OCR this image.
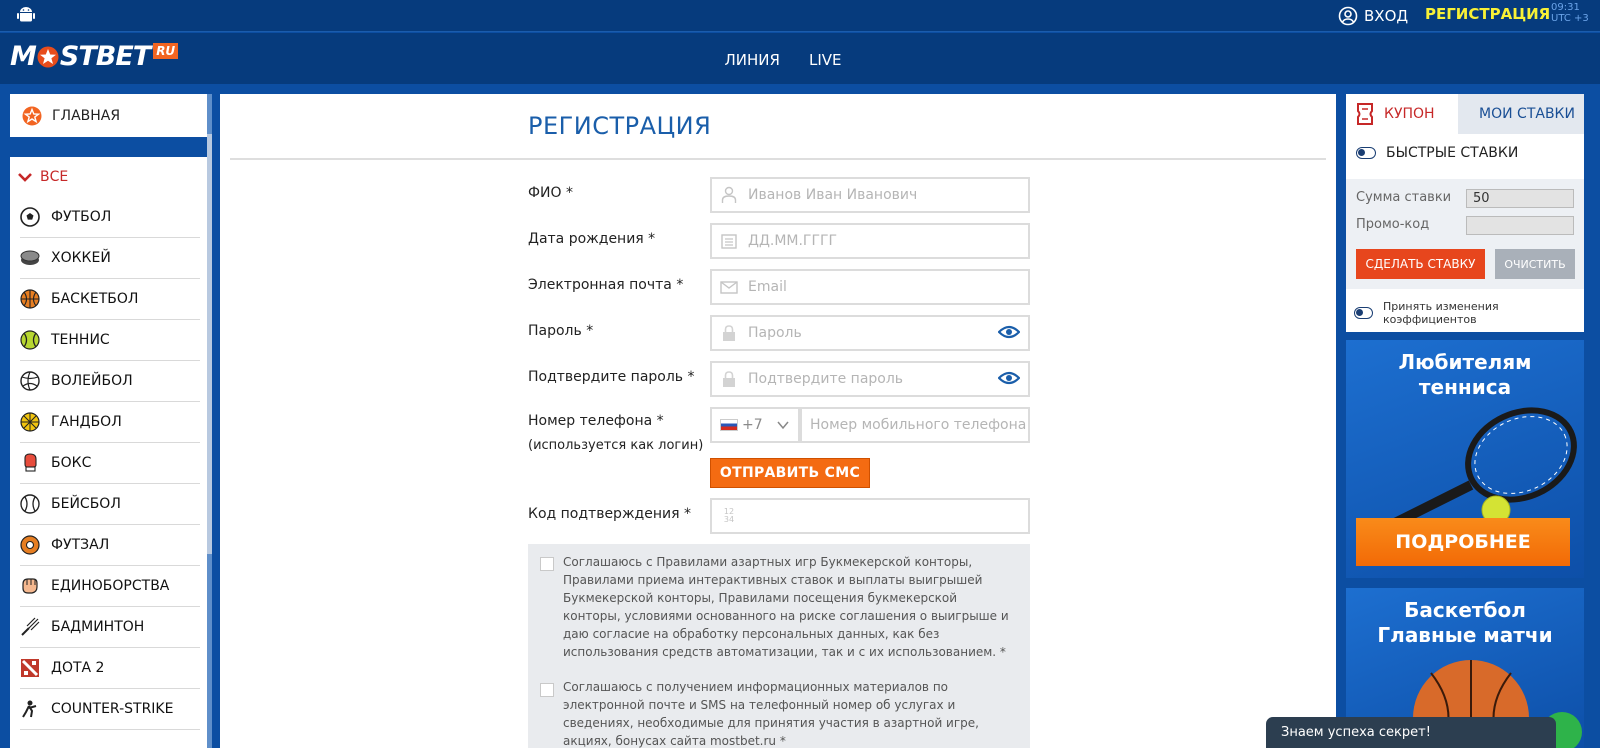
ВХОД РЕГИСТРАЦИЯ 09:31
UTC +3
M STBET RU
ЛИНИЯ LIVE
ГЛАВНАЯ
ВСЕ
ФУТБОЛ
ХОККЕЙ
БАСКЕТБОЛ
ТЕННИС
ВОЛЕЙБОЛ
ГАНДБОЛ
БОКС
БЕЙСБОЛ
ФУТЗАЛ
ЕДИНОБОРСТВА
БАДМИНТОН
ДОТА 2
COUNTER-STRIKE
РЕГИСТРАЦИЯ
ФИО *	Иванов Иван Иванович
Дата рождения *	ДД.ММ.ГГГГ
Электронная почта *	Email
Пароль *	Пароль
Подтвердите пароль *	Подтвердите пароль
Номер телефона *
(используется как логин)
+7	Номер мобильного телефона
ОТПРАВИТЬ СМС
Код подтверждения *	12
34
Соглашаюсь с Правилами азартных игр Букмекерской конторы, Правилами приема интерактивных ставок и выплаты выигрышей Букмекерской конторы, Правилами посещения букмекерской конторы, условиями основанного на риске соглашения о выигрыше и даю согласие на обработку персональных данных, как без использования средств автоматизации, так и с их использованием. *
Соглашаюсь с получением информационных материалов по электронной почте и SMS на телефонный номер об услугах и сведениях, необходимые для принятия участия в азартной игре, акциях, бонусах сайта mostbet.ru *
КУПОН	МОИ СТАВКИ
БЫСТРЫЕ СТАВКИ
Сумма ставки	50
Промо-код
СДЕЛАТЬ СТАВКУ	ОЧИСТИТЬ
Принять изменения коэффициентов
Любителям
тенниса
ПОДРОБНЕЕ
Баскетбол
Главные матчи
Знаем успеха секрет!
